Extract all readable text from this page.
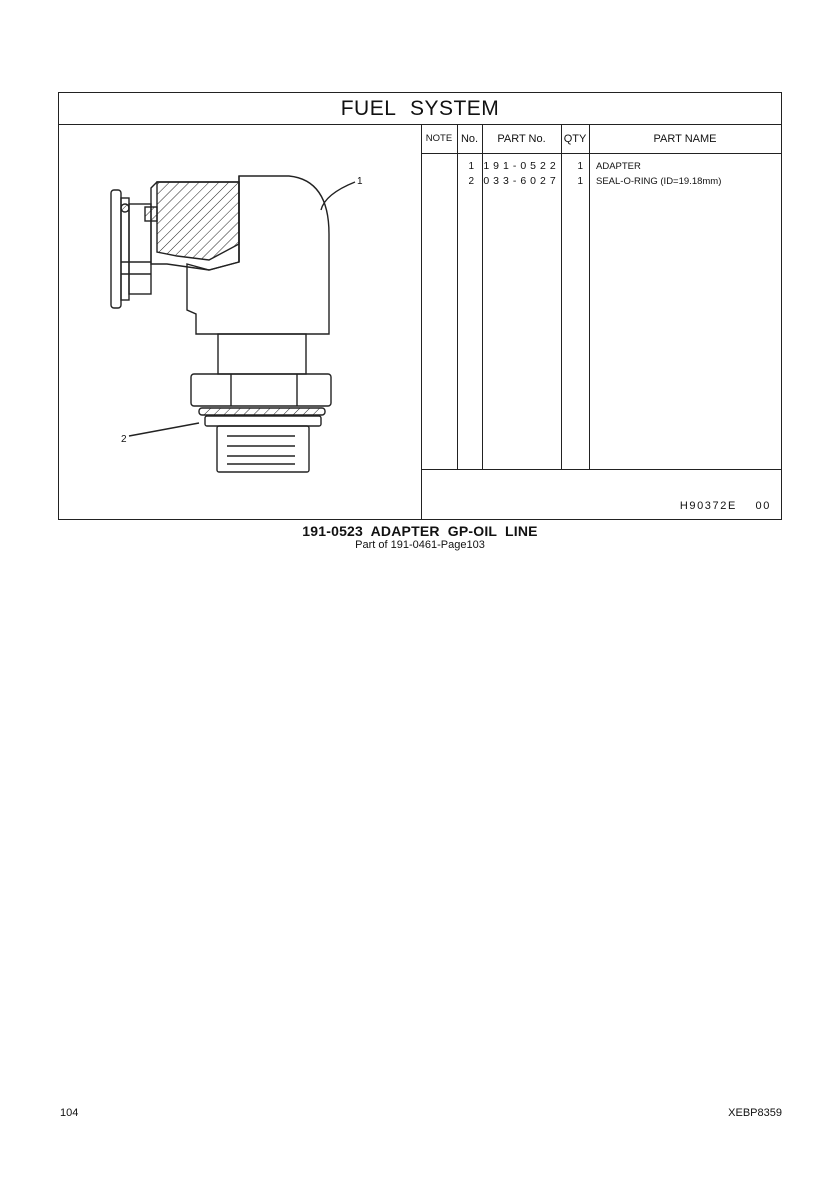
FUEL SYSTEM
1
2
NOTE No.
1
2
PART No.
191-0522
033-6027
QTY
1
1
PART NAME
ADAPTER
SEAL-O-RING (ID=19.18mm)
H90372E 00
191-0523 ADAPTER GP-OIL LINE
Part of 191-0461-Page103
104	XEBP8359
